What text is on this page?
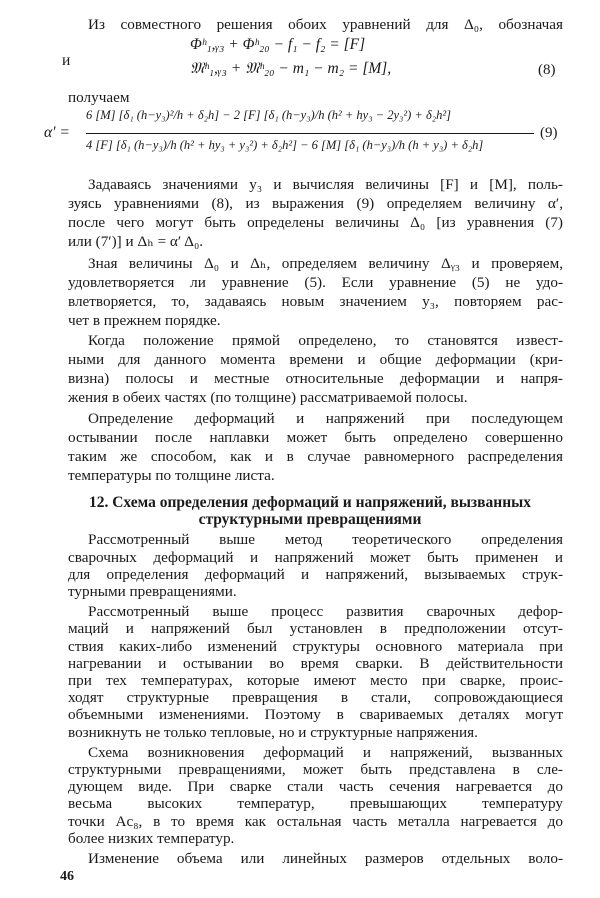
Из совместного решения обоих уравнений для Δ₀, обозначая
и
Φʰ₁,ᵧ₃ + Φʰ₂₀ − f₁ − f₂ = [F]
𝔐ʰ₁,ᵧ₃ + 𝔐ʰ₂₀ − m₁ − m₂ = [M],	(8)
получаем
α′ =
6 [M] [δ₁ (h−y₃)²/h + δ₂h] − 2 [F] [δ₁ (h−y₃)/h (h² + hy₃ − 2y₃²) + δ₂h²]
4 [F] [δ₁ (h−y₃)/h (h² + hy₃ + y₃²) + δ₂h²] − 6 [M] [δ₁ (h−y₃)/h (h + y₃) + δ₂h]
(9)
Задаваясь значениями y₃ и вычисляя величины [F] и [M], поль-
зуясь уравнениями (8), из выражения (9) определяем величину α′,
после чего могут быть определены величины Δ₀ [из уравнения (7)
или (7′)] и Δₕ = α′ Δ₀.
Зная величины Δ₀ и Δₕ, определяем величину Δᵧ₃ и проверяем,
удовлетворяется ли уравнение (5). Если уравнение (5) не удо-
влетворяется, то, задаваясь новым значением y₃, повторяем рас-
чет в прежнем порядке.
Когда положение прямой определено, то становятся извест-
ными для данного момента времени и общие деформации (кри-
визна) полосы и местные относительные деформации и напря-
жения в обеих частях (по толщине) рассматриваемой полосы.
Определение деформаций и напряжений при последующем
остывании после наплавки может быть определено совершенно
таким же способом, как и в случае равномерного распределения
температуры по толщине листа.
12. Схема определения деформаций и напряжений, вызванных
структурными превращениями
Рассмотренный выше метод теоретического определения
сварочных деформаций и напряжений может быть применен и
для определения деформаций и напряжений, вызываемых струк-
турными превращениями.
Рассмотренный выше процесс развития сварочных дефор-
маций и напряжений был установлен в предположении отсут-
ствия каких-либо изменений структуры основного материала при
нагревании и остывании во время сварки. В действительности
при тех температурах, которые имеют место при сварке, проис-
ходят структурные превращения в стали, сопровождающиеся
объемными изменениями. Поэтому в свариваемых деталях могут
возникнуть не только тепловые, но и структурные напряжения.
Схема возникновения деформаций и напряжений, вызванных
структурными превращениями, может быть представлена в сле-
дующем виде. При сварке стали часть сечения нагревается до
весьма высоких температур, превышающих температуру
точки Ac₈, в то время как остальная часть металла нагревается до
более низких температур.
Изменение объема или линейных размеров отдельных воло-
46
